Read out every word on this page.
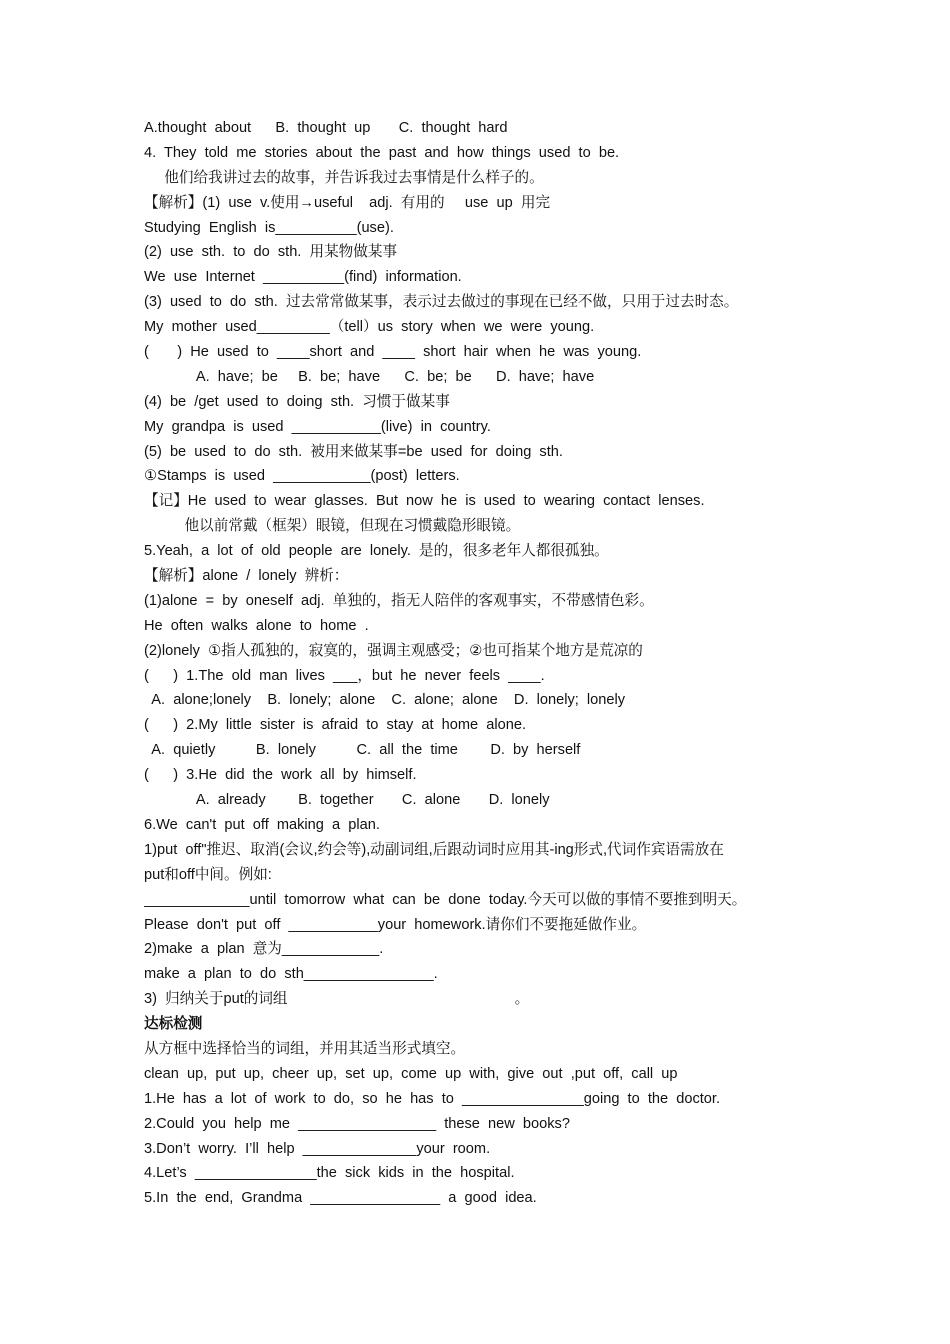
A.thought  about      B.  thought  up       C.  thought  hard
4.  They  told  me  stories  about  the  past  and  how  things  used  to  be.
他们给我讲过去的故事，并告诉我过去事情是什么样子的。
【解析】(1)  use  v.使用→useful    adj.  有用的     use  up  用完
Studying  English  is__________(use).
(2)  use  sth.  to  do  sth.  用某物做某事
We  use  Internet  __________(find)  information.
(3)  used  to  do  sth.  过去常常做某事，表示过去做过的事现在已经不做，只用于过去时态。
My  mother  used_________（tell）us  story  when  we  were  young.
(       )  He  used  to  ____short  and  ____  short  hair  when  he  was  young.
A.  have;  be     B.  be;  have      C.  be;  be      D.  have;  have
(4)  be  /get  used  to  doing  sth.  习惯于做某事
My  grandpa  is  used  ___________(live)  in  country.
(5)  be  used  to  do  sth.  被用来做某事=be  used  for  doing  sth.
①Stamps  is  used  ____________(post)  letters.
【记】He  used  to  wear  glasses.  But  now  he  is  used  to  wearing  contact  lenses.
他以前常戴（框架）眼镜，但现在习惯戴隐形眼镜。
5.Yeah,  a  lot  of  old  people  are  lonely.  是的，很多老年人都很孤独。
【解析】alone  /  lonely  辨析：
(1)alone  =  by  oneself  adj.  单独的，指无人陪伴的客观事实，不带感情色彩。
He  often  walks  alone  to  home  .
(2)lonely  ①指人孤独的，寂寞的，强调主观感受；②也可指某个地方是荒凉的
(      )  1.The  old  man  lives  ___，but  he  never  feels  ____.
A.  alone;lonely    B.  lonely;  alone    C.  alone;  alone    D.  lonely;  lonely
(      )  2.My  little  sister  is  afraid  to  stay  at  home  alone.
A.  quietly          B.  lonely          C.  all  the  time        D.  by  herself
(      )  3.He  did  the  work  all  by  himself.
A.  already        B.  together       C.  alone       D.  lonely
6.We  can't  put  off  making  a  plan.
1)put  off"推迟、取消(会议,约会等),动副词组,后跟动词时应用其-ing形式,代词作宾语需放在
put和off中间。例如:
_____________until  tomorrow  what  can  be  done  today.今天可以做的事情不要推到明天。
Please  don't  put  off  ___________your  homework.请你们不要拖延做作业。
2)make  a  plan  意为____________.
make  a  plan  to  do  sth________________.
3)  归纳关于put的词组                                                        。
达标检测
从方框中选择恰当的词组，并用其适当形式填空。
clean  up,  put  up,  cheer  up,  set  up,  come  up  with,  give  out  ,put  off,  call  up
1.He  has  a  lot  of  work  to  do,  so  he  has  to  _______________going  to  the  doctor.
2.Could  you  help  me  _________________  these  new  books?
3.Don’t  worry.  I’ll  help  ______________your  room.
4.Let’s  _______________the  sick  kids  in  the  hospital.
5.In  the  end,  Grandma  ________________  a  good  idea.
